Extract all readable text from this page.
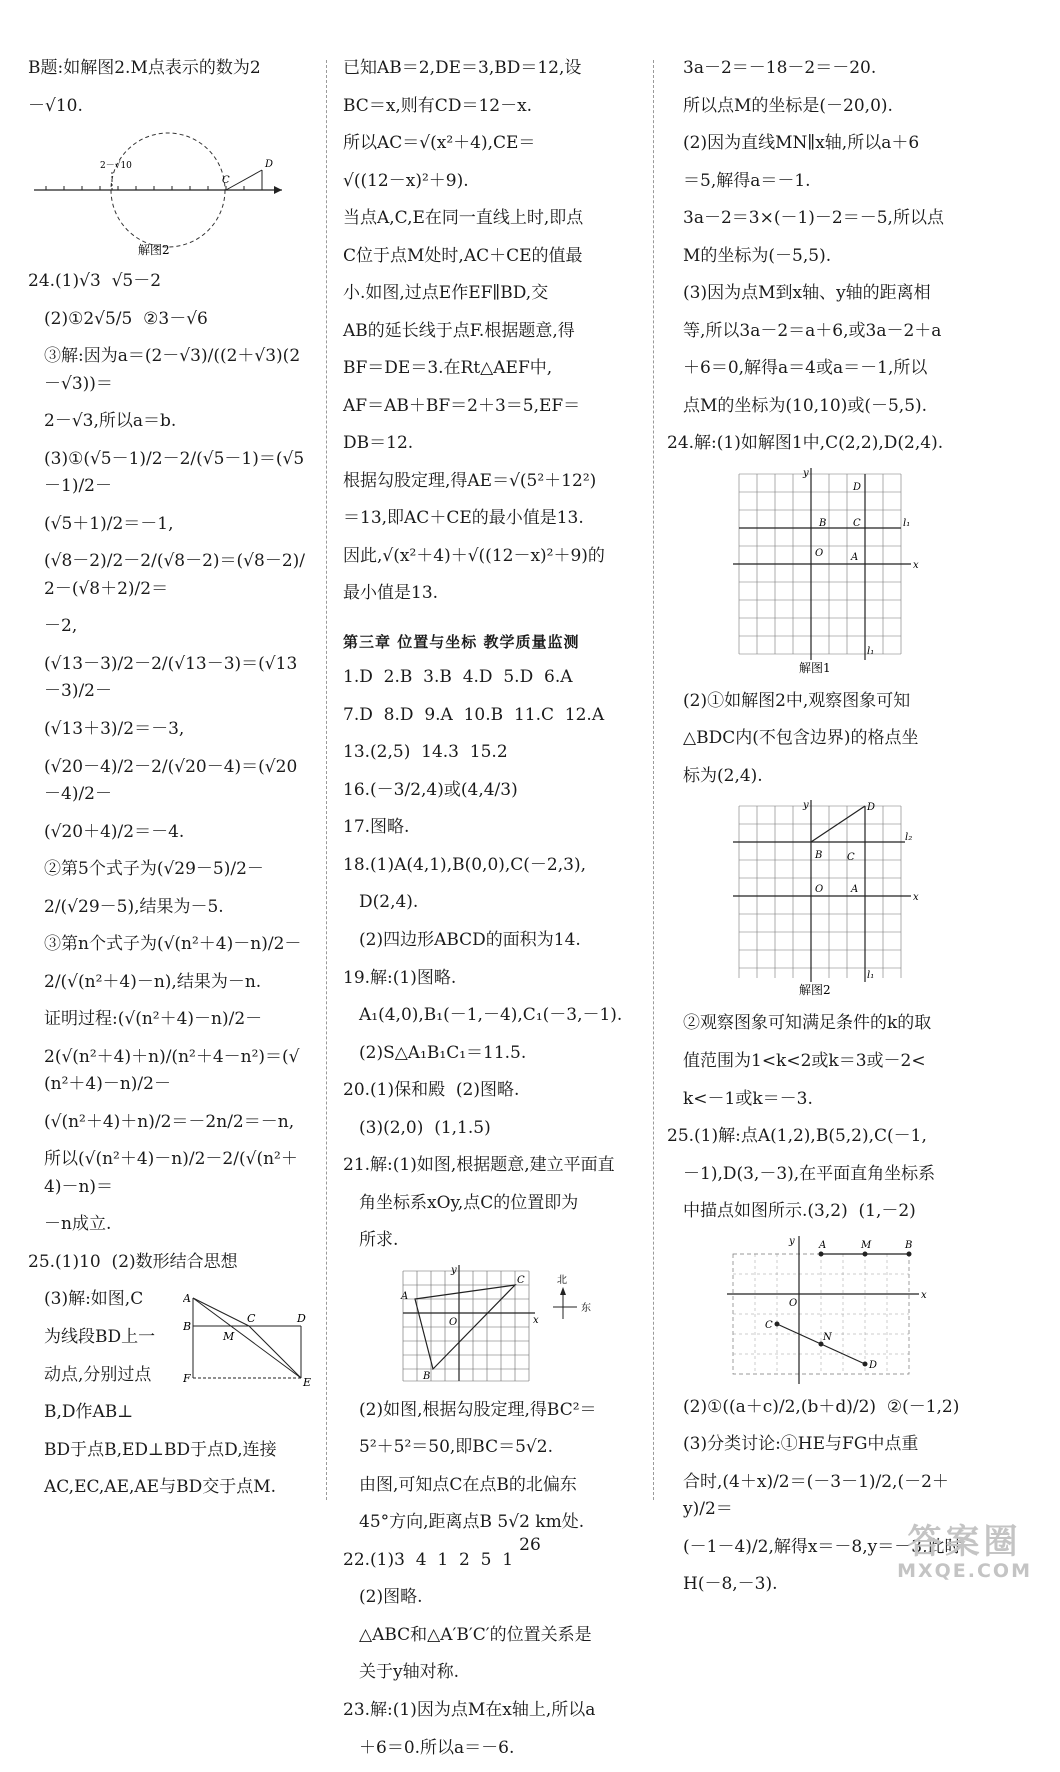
B题:如解图2.M点表示的数为2
－√10.
2－√10
C
D
解图2
24.(1)√3  √5－2
(2)①2√5/5  ②3－√6
③解:因为a＝(2－√3)/((2＋√3)(2－√3))＝
2－√3,所以a＝b.
(3)①(√5－1)/2－2/(√5－1)＝(√5－1)/2－
(√5＋1)/2＝－1,
(√8－2)/2－2/(√8－2)＝(√8－2)/2－(√8＋2)/2＝
－2,
(√13－3)/2－2/(√13－3)＝(√13－3)/2－
(√13＋3)/2＝－3,
(√20－4)/2－2/(√20－4)＝(√20－4)/2－
(√20＋4)/2＝－4.
②第5个式子为(√29－5)/2－
2/(√29－5),结果为－5.
③第n个式子为(√(n²＋4)－n)/2－
2/(√(n²＋4)－n),结果为－n.
证明过程:(√(n²＋4)－n)/2－
2(√(n²＋4)＋n)/(n²＋4－n²)＝(√(n²＋4)－n)/2－
(√(n²＋4)＋n)/2＝－2n/2＝－n,
所以(√(n²＋4)－n)/2－2/(√(n²＋4)－n)＝
－n成立.
25.(1)10  (2)数形结合思想
A
B
C	D
M
F	E
(3)解:如图,C
为线段BD上一
动点,分别过点
B,D作AB⊥
BD于点B,ED⊥BD于点D,连接
AC,EC,AE,AE与BD交于点M.
已知AB＝2,DE＝3,BD＝12,设
BC＝x,则有CD＝12－x.
所以AC＝√(x²＋4),CE＝
√((12－x)²＋9).
当点A,C,E在同一直线上时,即点
C位于点M处时,AC＋CE的值最
小.如图,过点E作EF∥BD,交
AB的延长线于点F.根据题意,得
BF＝DE＝3.在Rt△AEF中,
AF＝AB＋BF＝2＋3＝5,EF＝
DB＝12.
根据勾股定理,得AE＝√(5²＋12²)
＝13,即AC＋CE的最小值是13.
因此,√(x²＋4)＋√((12－x)²＋9)的
最小值是13.
第三章 位置与坐标 教学质量监测
1.D  2.B  3.B  4.D  5.D  6.A
7.D  8.D  9.A  10.B  11.C  12.A
13.(2,5)  14.3  15.2
16.(－3/2,4)或(4,4/3)
17.图略.
18.(1)A(4,1),B(0,0),C(－2,3),
D(2,4).
(2)四边形ABCD的面积为14.
19.解:(1)图略.
A₁(4,0),B₁(－1,－4),C₁(－3,－1).
(2)S△A₁B₁C₁＝11.5.
20.(1)保和殿  (2)图略.
(3)(2,0)  (1,1.5)
21.解:(1)如图,根据题意,建立平面直
角坐标系xOy,点C的位置即为
所求.
A
B
C
O	x
y
北
东
(2)如图,根据勾股定理,得BC²＝
5²＋5²＝50,即BC＝5√2.
由图,可知点C在点B的北偏东
45°方向,距离点B 5√2 km处.
22.(1)3  4  1  2  5  1
(2)图略.
△ABC和△A′B′C′的位置关系是
关于y轴对称.
23.解:(1)因为点M在x轴上,所以a
＋6＝0.所以a＝－6.
3a－2＝－18－2＝－20.
所以点M的坐标是(－20,0).
(2)因为直线MN∥x轴,所以a＋6
＝5,解得a＝－1.
3a－2＝3×(－1)－2＝－5,所以点
M的坐标为(－5,5).
(3)因为点M到x轴、y轴的距离相
等,所以3a－2＝a＋6,或3a－2＋a
＋6＝0,解得a＝4或a＝－1,所以
点M的坐标为(10,10)或(－5,5).
24.解:(1)如解图1中,C(2,2),D(2,4).
B	C
D
A
O
l₁
l₁
x
y
解图1
(2)①如解图2中,观察图象可知
△BDC内(不包含边界)的格点坐
标为(2,4).
D
C
B
A
O
l₂
l₁
x
y
解图2
②观察图象可知满足条件的k的取
值范围为1<k<2或k＝3或－2<
k<－1或k＝－3.
25.(1)解:点A(1,2),B(5,2),C(－1,
－1),D(3,－3),在平面直角坐标系
中描点如图所示.(3,2)  (1,－2)
A	M	B
C
N
D
O
x
y
(2)①((a＋c)/2,(b＋d)/2)  ②(－1,2)
(3)分类讨论:①HE与FG中点重
合时,(4＋x)/2＝(－3－1)/2,(－2＋y)/2＝
(－1－4)/2,解得x＝－8,y＝－3,此时
H(－8,－3).
26	答案圈
MXQE.COM
